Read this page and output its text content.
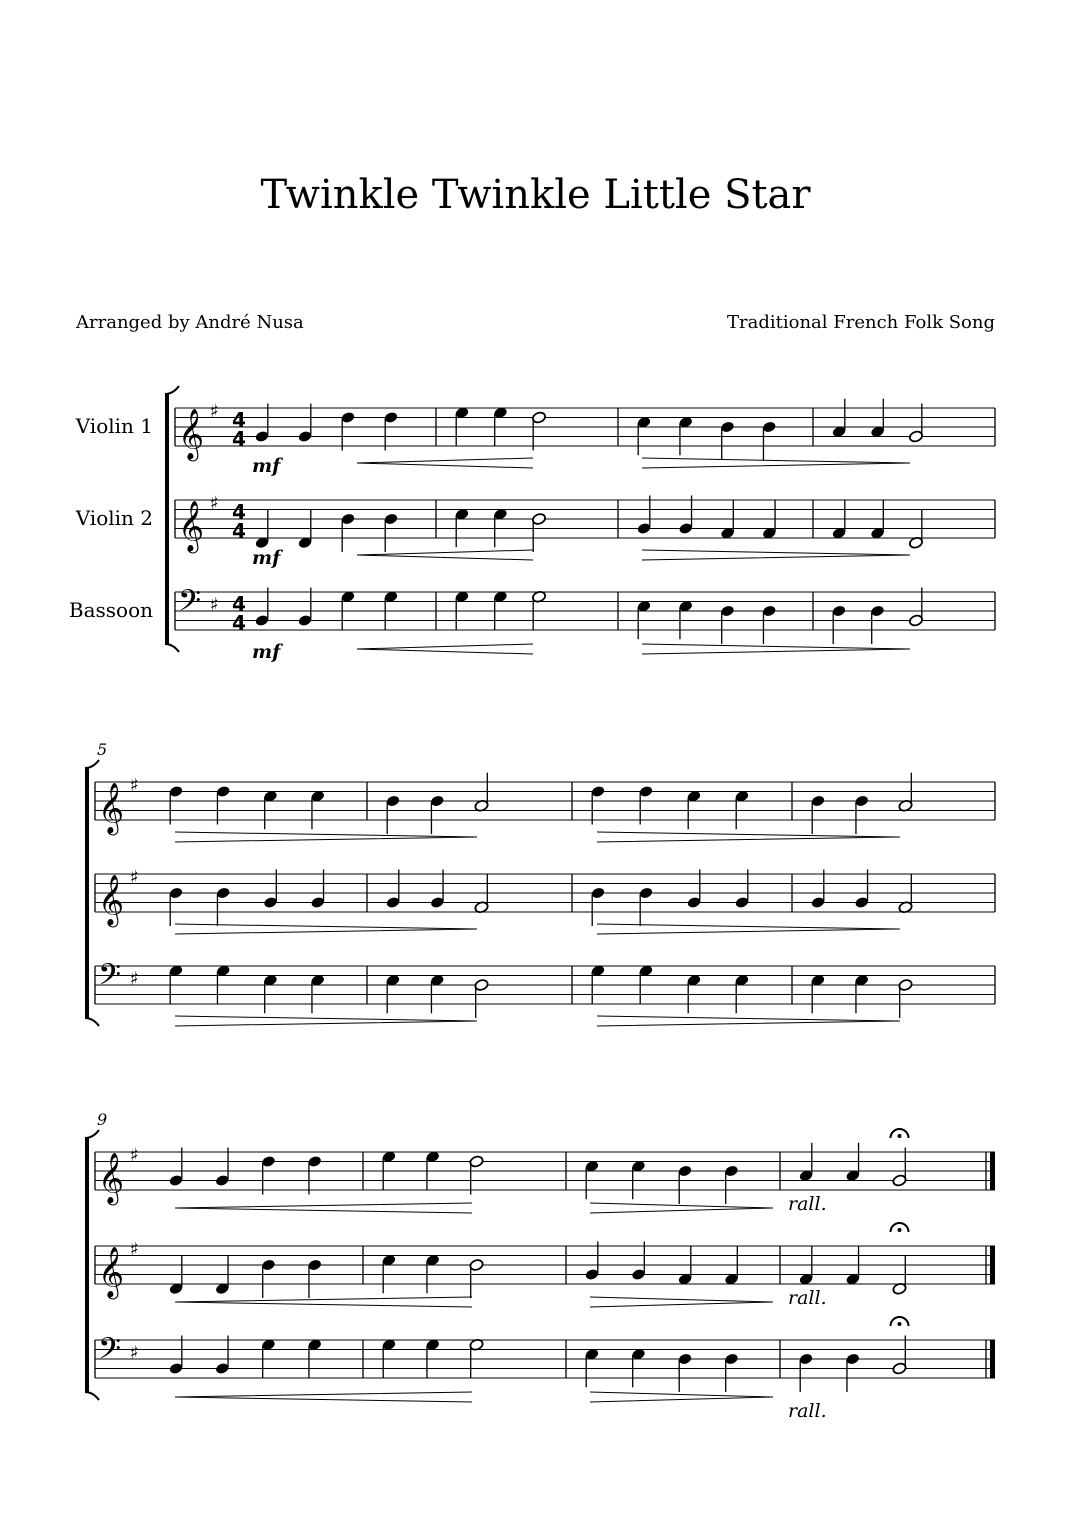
Twinkle Twinkle Little Star
Arranged by André Nusa	Traditional French Folk Song
Violin 1 𝄞 ♯ 4
4
mf
Violin 2 𝄞 ♯ 4
4
mf
Bassoon 𝄢 ♯ 4
4
mf
5
𝄞 ♯
𝄞 ♯
𝄢 ♯
9
𝄞 ♯
rall.
𝄞 ♯
rall.
𝄢 ♯
rall.
